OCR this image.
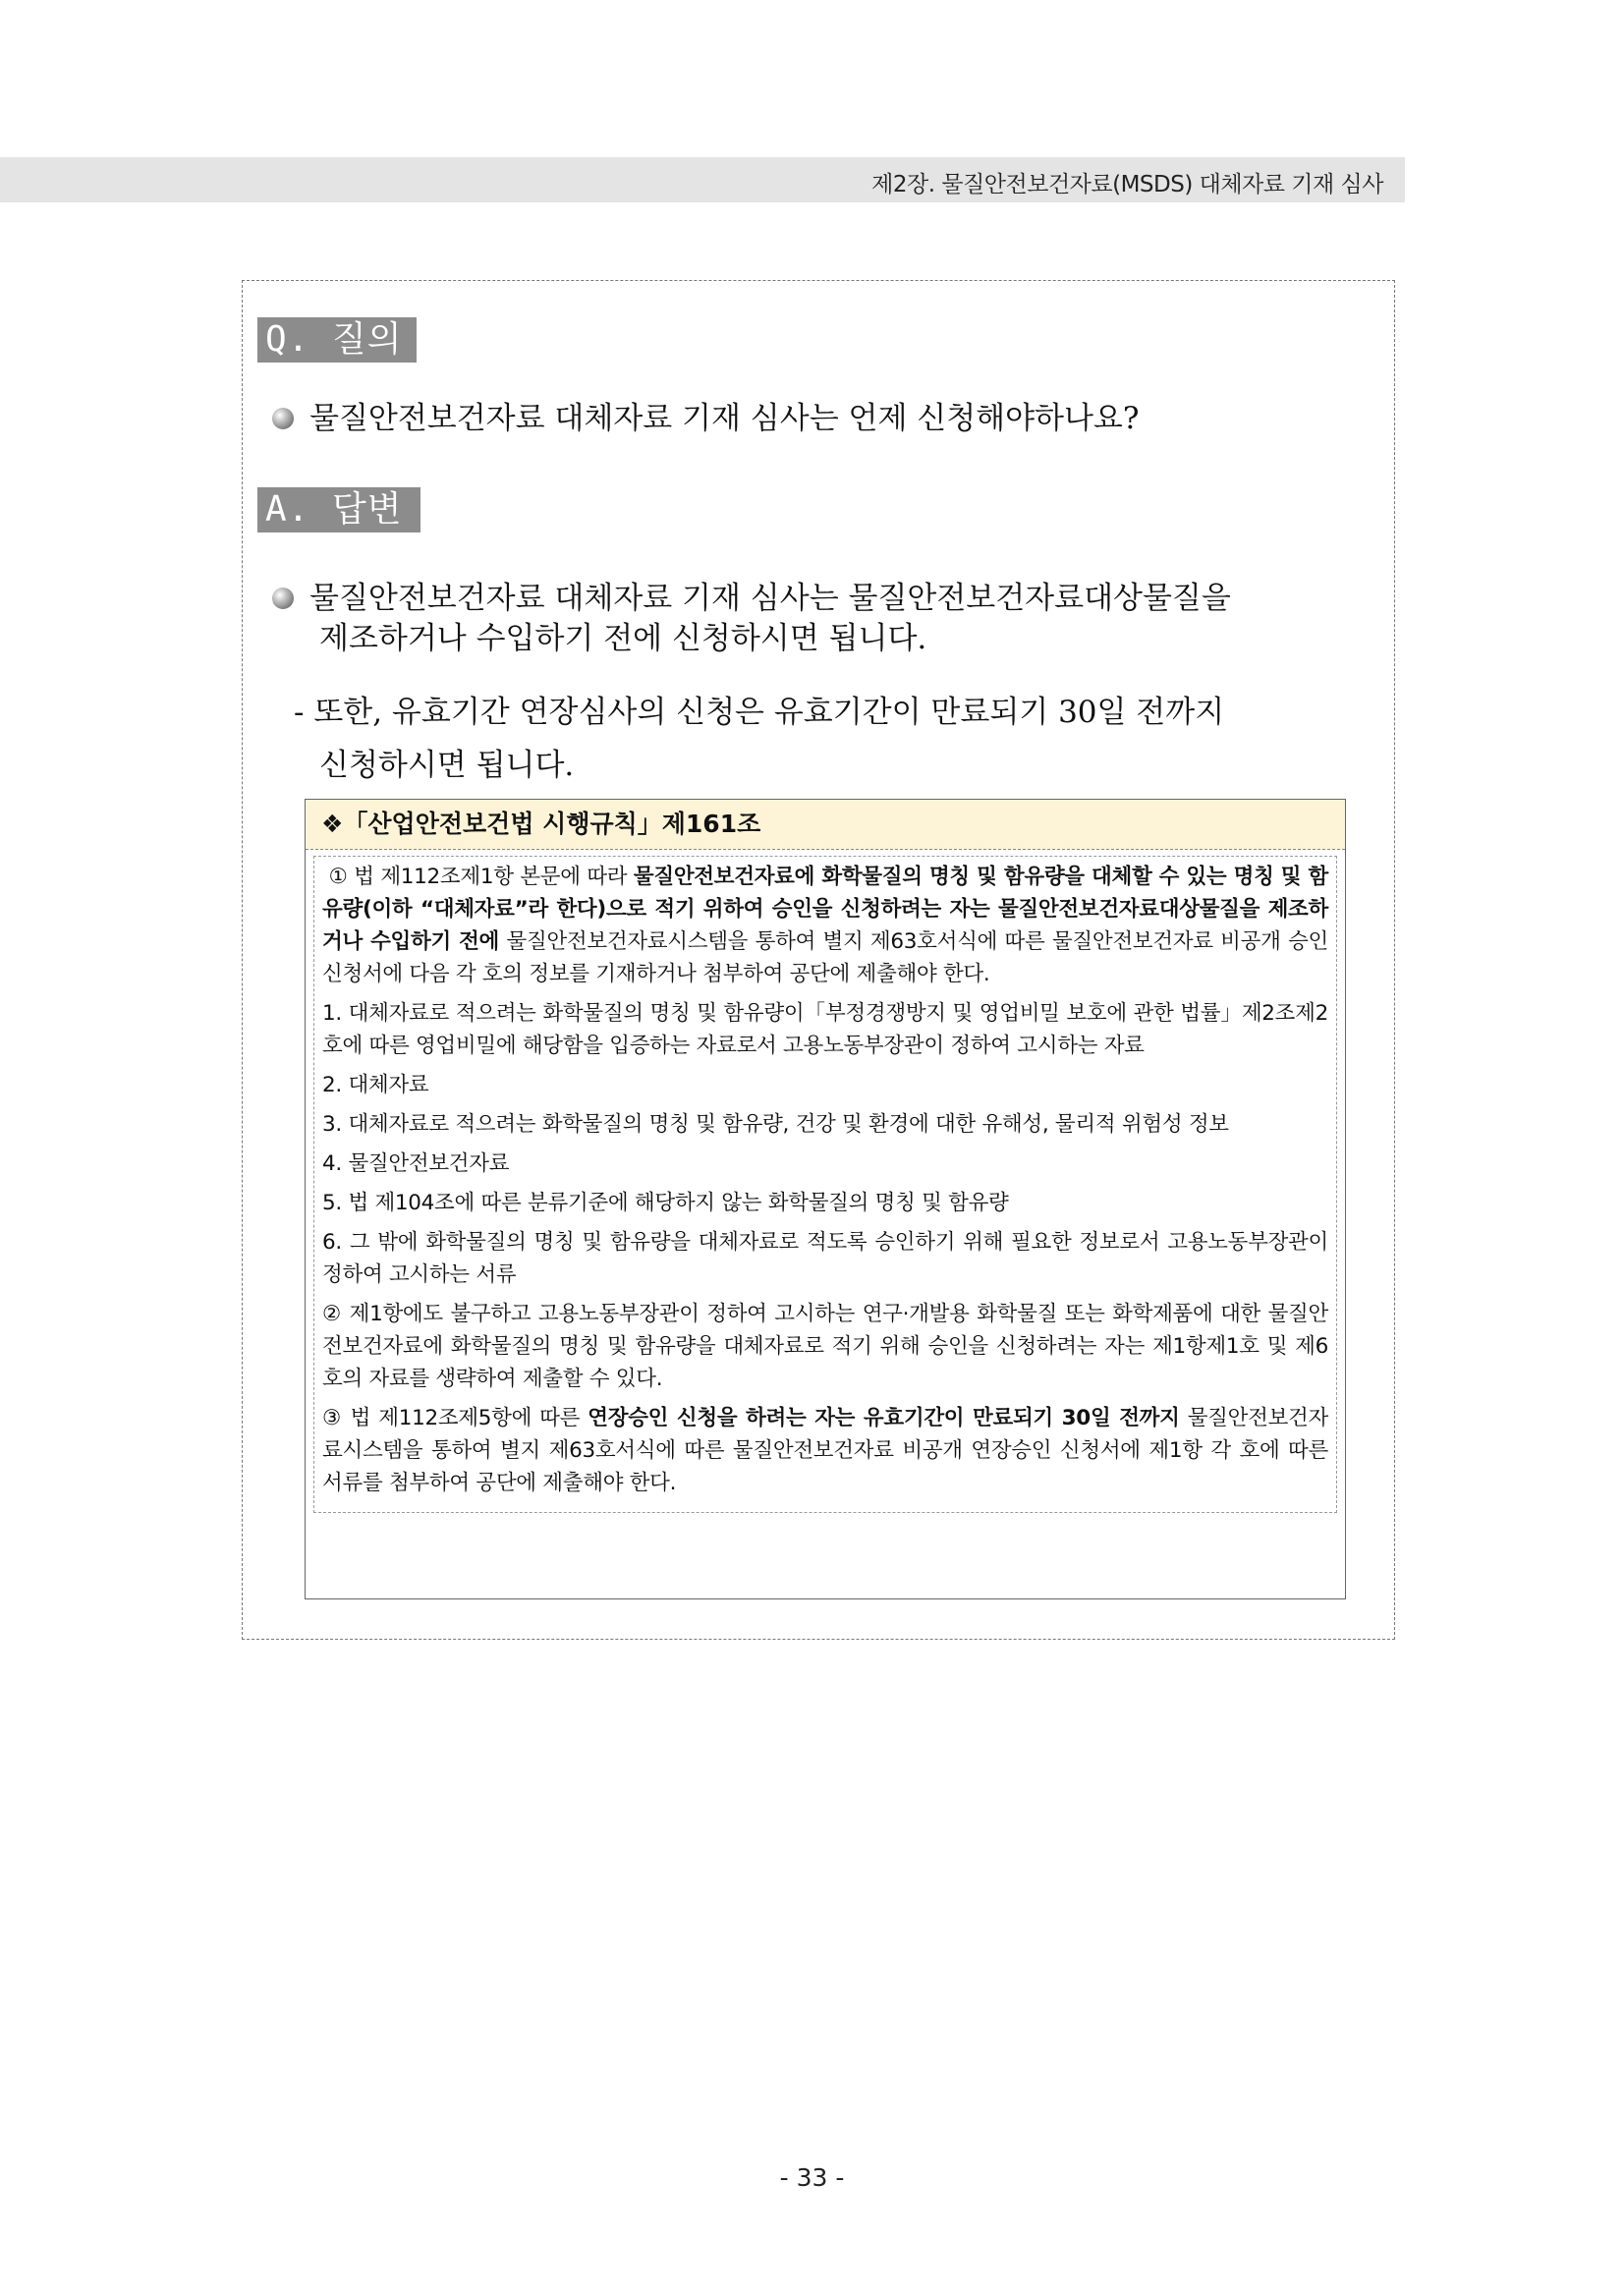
제2장. 물질안전보건자료(MSDS) 대체자료 기재 심사
Q. 질의
물질안전보건자료 대체자료 기재 심사는 언제 신청해야하나요?
A. 답변
물질안전보건자료 대체자료 기재 심사는 물질안전보건자료대상물질을
제조하거나 수입하기 전에 신청하시면 됩니다.
- 또한, 유효기간 연장심사의 신청은 유효기간이 만료되기 30일 전까지
신청하시면 됩니다.
❖「산업안전보건법 시행규칙」제161조

① 법 제112조제1항 본문에 따라 물질안전보건자료에 화학물질의 명칭 및 함유량을 대체할 수 있는 명칭 및 함유량(이하 “대체자료”라 한다)으로 적기 위하여 승인을 신청하려는 자는 물질안전보건자료대상물질을 제조하거나 수입하기 전에 물질안전보건자료시스템을 통하여 별지 제63호서식에 따른 물질안전보건자료 비공개 승인신청서에 다음 각 호의 정보를 기재하거나 첨부하여 공단에 제출해야 한다.

1. 대체자료로 적으려는 화학물질의 명칭 및 함유량이「부정경쟁방지 및 영업비밀 보호에 관한 법률」제2조제2호에 따른 영업비밀에 해당함을 입증하는 자료로서 고용노동부장관이 정하여 고시하는 자료

2. 대체자료

3. 대체자료로 적으려는 화학물질의 명칭 및 함유량, 건강 및 환경에 대한 유해성, 물리적 위험성 정보

4. 물질안전보건자료

5. 법 제104조에 따른 분류기준에 해당하지 않는 화학물질의 명칭 및 함유량

6. 그 밖에 화학물질의 명칭 및 함유량을 대체자료로 적도록 승인하기 위해 필요한 정보로서 고용노동부장관이 정하여 고시하는 서류

② 제1항에도 불구하고 고용노동부장관이 정하여 고시하는 연구·개발용 화학물질 또는 화학제품에 대한 물질안전보건자료에 화학물질의 명칭 및 함유량을 대체자료로 적기 위해 승인을 신청하려는 자는 제1항제1호 및 제6호의 자료를 생략하여 제출할 수 있다.

③ 법 제112조제5항에 따른 연장승인 신청을 하려는 자는 유효기간이 만료되기 30일 전까지 물질안전보건자료시스템을 통하여 별지 제63호서식에 따른 물질안전보건자료 비공개 연장승인 신청서에 제1항 각 호에 따른 서류를 첨부하여 공단에 제출해야 한다.

- 33 -
